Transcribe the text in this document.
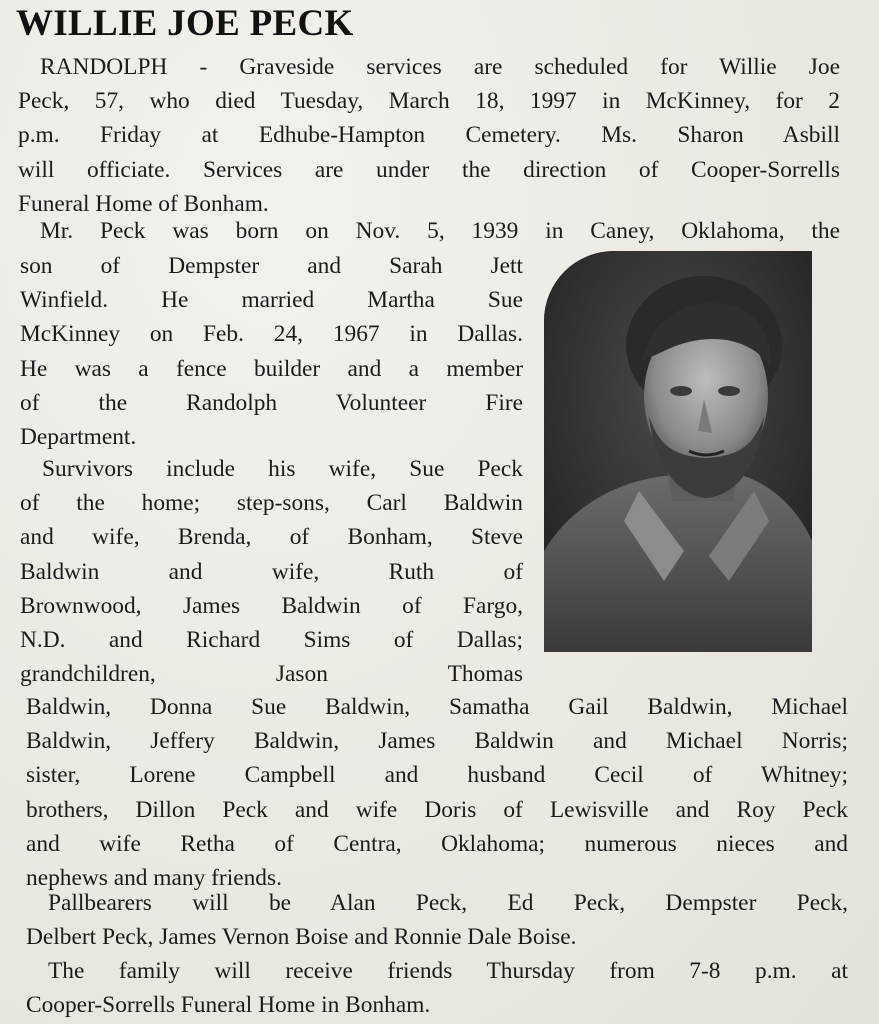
WILLIE JOE PECK
RANDOLPH - Graveside services are scheduled for Willie Joe
Peck, 57, who died Tuesday, March 18, 1997 in McKinney, for 2
p.m. Friday at Edhube-Hampton Cemetery. Ms. Sharon Asbill
will officiate. Services are under the direction of Cooper-Sorrells
Funeral Home of Bonham.
Mr. Peck was born on Nov. 5, 1939 in Caney, Oklahoma, the
son of Dempster and Sarah Jett
Winfield. He married Martha Sue
McKinney on Feb. 24, 1967 in Dallas.
He was a fence builder and a member
of the Randolph Volunteer Fire
Department.
Survivors include his wife, Sue Peck
of the home; step-sons, Carl Baldwin
and wife, Brenda, of Bonham, Steve
Baldwin and wife, Ruth of
Brownwood, James Baldwin of Fargo,
N.D. and Richard Sims of Dallas;
grandchildren, Jason Thomas
Baldwin, Donna Sue Baldwin, Samatha Gail Baldwin, Michael
Baldwin, Jeffery Baldwin, James Baldwin and Michael Norris;
sister, Lorene Campbell and husband Cecil of Whitney;
brothers, Dillon Peck and wife Doris of Lewisville and Roy Peck
and wife Retha of Centra, Oklahoma; numerous nieces and
nephews and many friends.
Pallbearers will be Alan Peck, Ed Peck, Dempster Peck,
Delbert Peck, James Vernon Boise and Ronnie Dale Boise.
The family will receive friends Thursday from 7-8 p.m. at
Cooper-Sorrells Funeral Home in Bonham.
